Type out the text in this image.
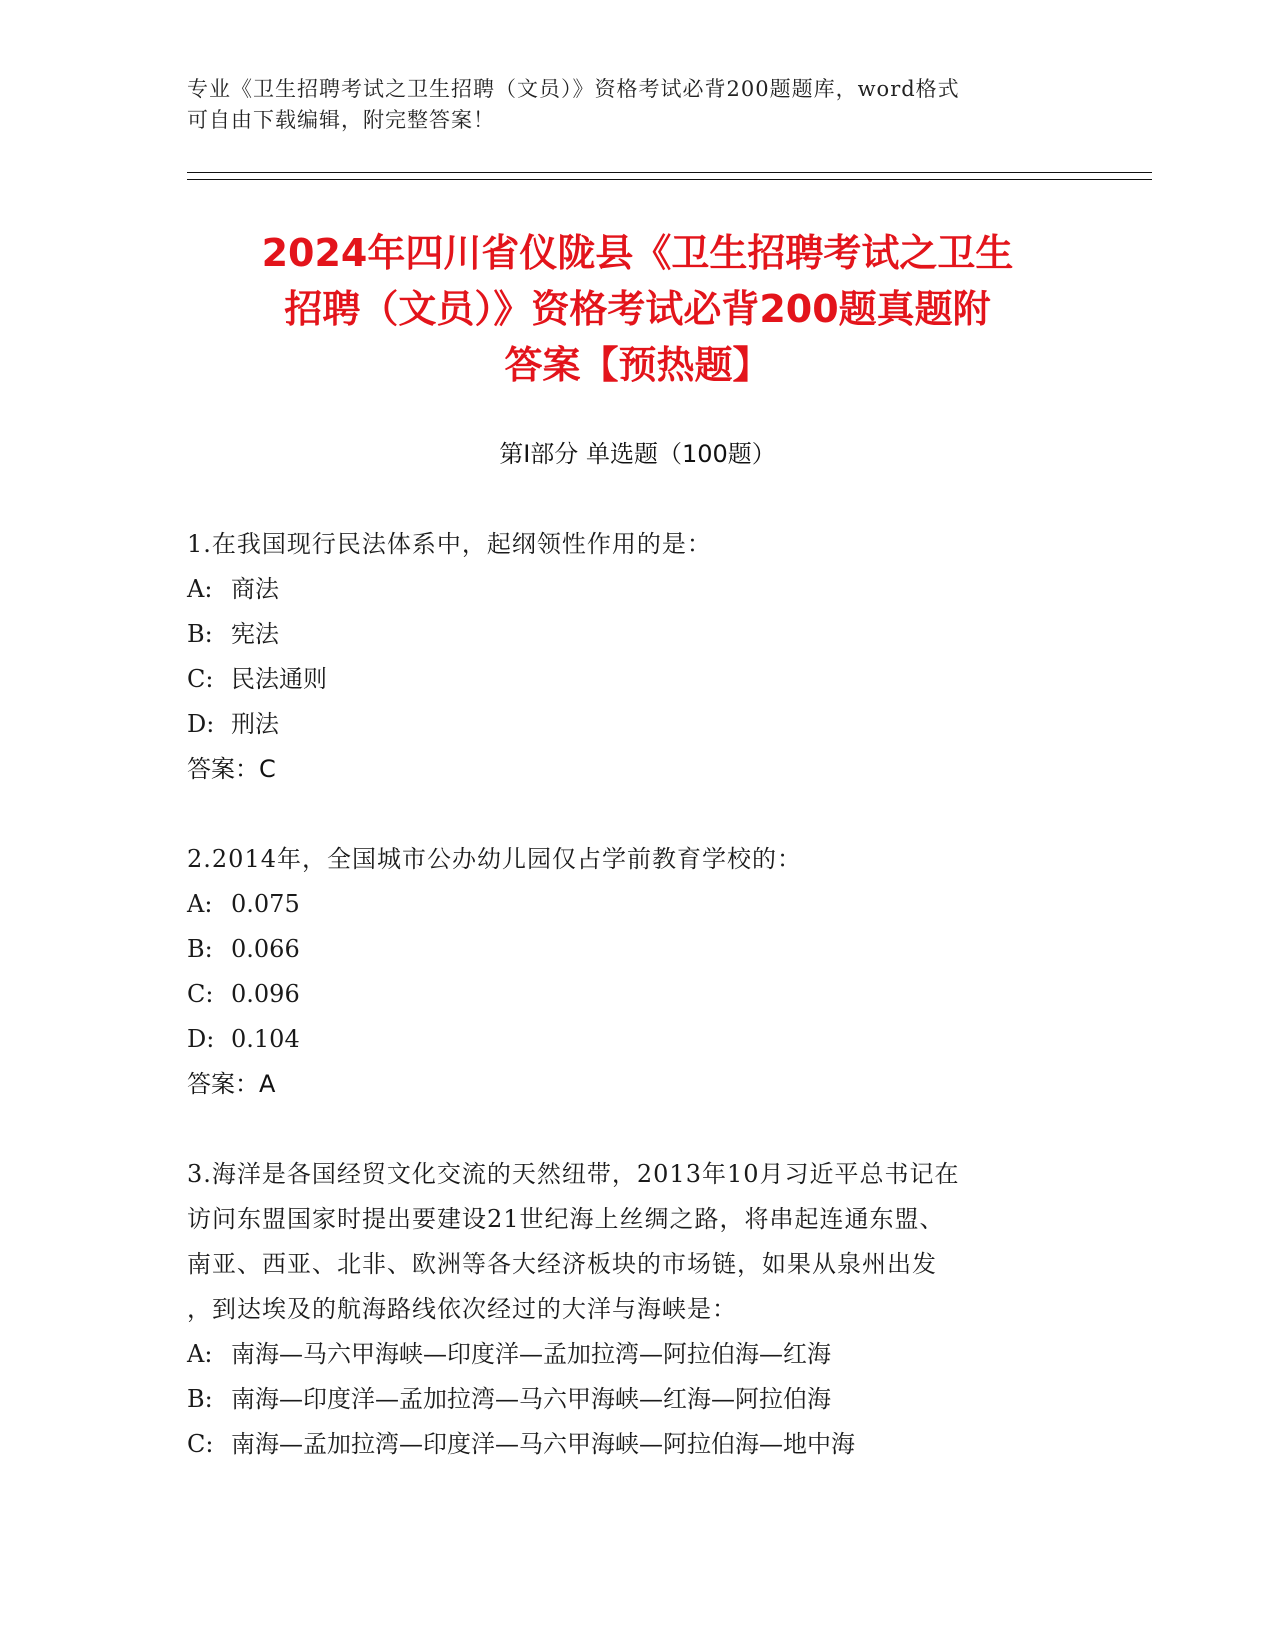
专业《卫生招聘考试之卫生招聘（文员）》资格考试必背200题题库，word格式
可自由下载编辑，附完整答案！
2024年四川省仪陇县《卫生招聘考试之卫生
招聘（文员）》资格考试必背200题真题附
答案【预热题】
第Ⅰ部分 单选题（100题）
1.在我国现行民法体系中，起纲领性作用的是：
A: 商法
B: 宪法
C: 民法通则
D: 刑法
答案：C
2.2014年，全国城市公办幼儿园仅占学前教育学校的：
A: 0.075
B: 0.066
C: 0.096
D: 0.104
答案：A
3.海洋是各国经贸文化交流的天然纽带，2013年10月习近平总书记在
访问东盟国家时提出要建设21世纪海上丝绸之路，将串起连通东盟、
南亚、西亚、北非、欧洲等各大经济板块的市场链，如果从泉州出发
，到达埃及的航海路线依次经过的大洋与海峡是：
A: 南海—马六甲海峡—印度洋—孟加拉湾—阿拉伯海—红海
B: 南海—印度洋—孟加拉湾—马六甲海峡—红海—阿拉伯海
C: 南海—孟加拉湾—印度洋—马六甲海峡—阿拉伯海—地中海
